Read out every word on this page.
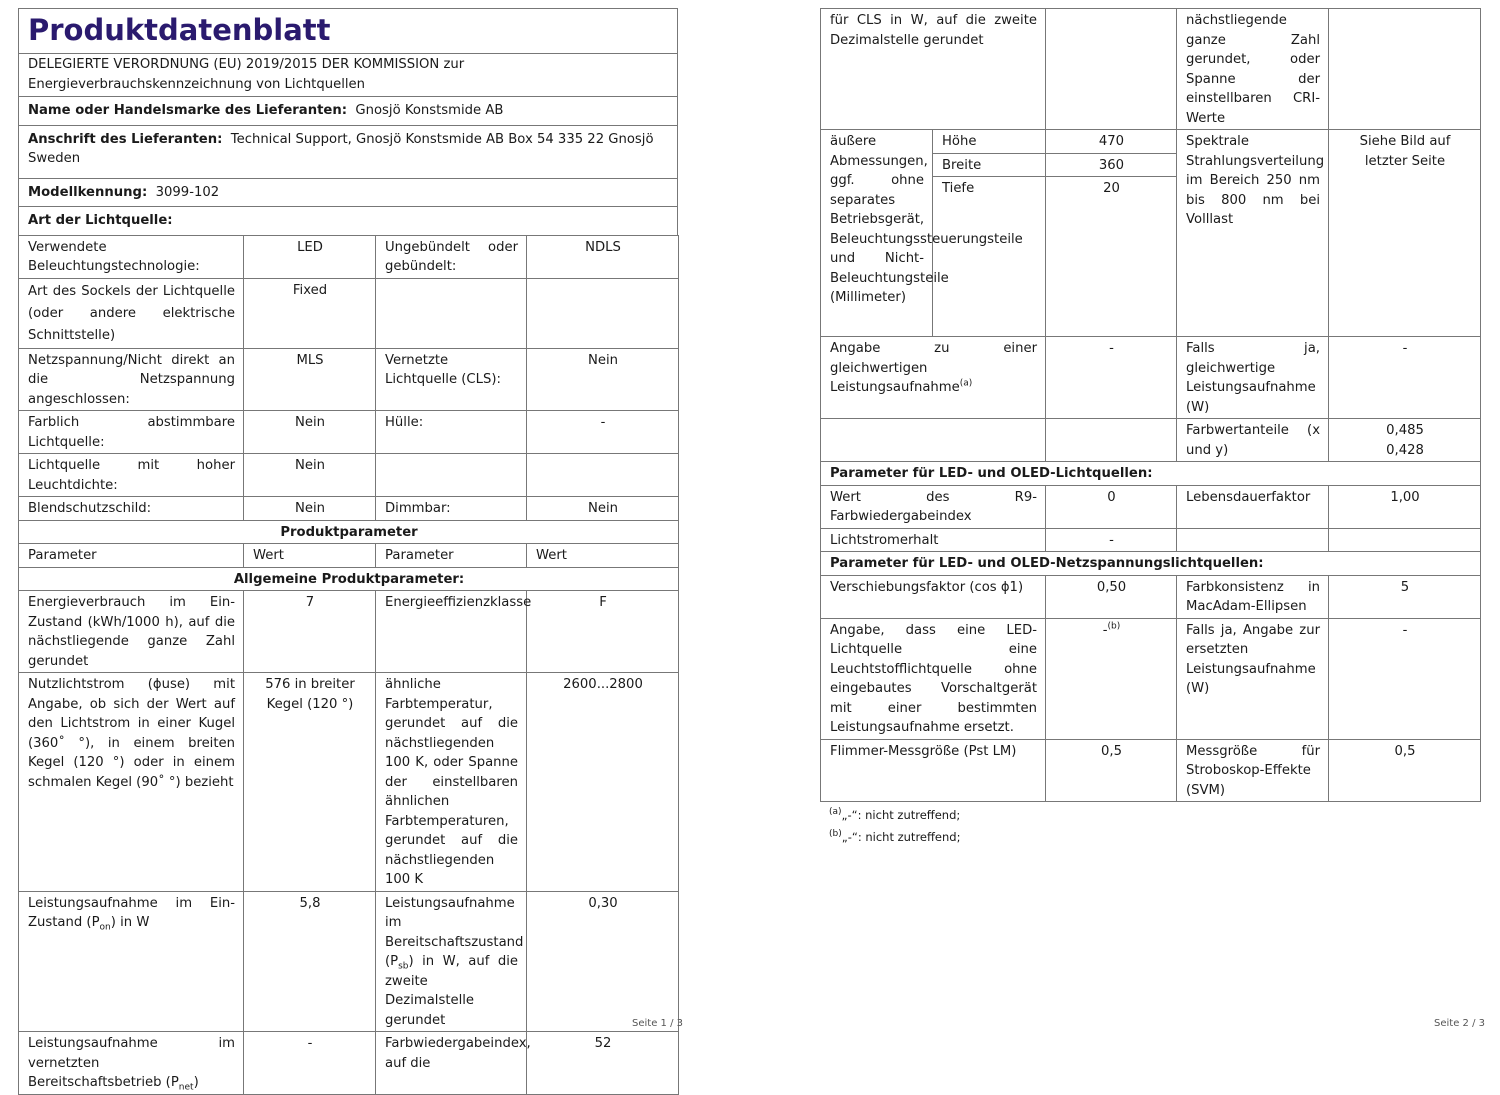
Produktdatenblatt

DELEGIERTE VERORDNUNG (EU) 2019/2015 DER KOMMISSION zur
Energieverbrauchskennzeichnung von Lichtquellen

Name oder Handelsmarke des Lieferanten: Gnosjö Konstsmide AB
Anschrift des Lieferanten: Technical Support, Gnosjö Konstsmide AB Box 54 335 22 Gnosjö Sweden
Modellkennung: 3099-102
Art der Lichtquelle:
Verwendete Beleuchtungstechnologie:	LED	Ungebündelt oder gebündelt:	NDLS
Art des Sockels der Lichtquelle (oder andere elektrische Schnittstelle)	Fixed		
Netzspannung/Nicht direkt an die Netzspannung angeschlossen:	MLS	Vernetzte Lichtquelle (CLS):	Nein
Farblich abstimmbare Lichtquelle:	Nein	Hülle:	-
Lichtquelle mit hoher Leuchtdichte:	Nein		
Blendschutzschild:	Nein	Dimmbar:	Nein
Produktparameter			
Parameter	Wert	Parameter	Wert
Allgemeine Produktparameter:			
Energieverbrauch im Ein-Zustand (kWh/1000 h), auf die nächstliegende ganze Zahl gerundet	7	Energieeffizienzklasse	F
Nutzlichtstrom (ϕuse) mit Angabe, ob sich der Wert auf den Lichtstrom in einer Kugel (360˚ °), in einem breiten Kegel (120 °) oder in einem schmalen Kegel (90˚ °) bezieht	576 in breiter Kegel (120 °)	ähnliche Farbtemperatur, gerundet auf die nächstliegenden 100 K, oder Spanne der einstellbaren ähnlichen Farbtemperaturen, gerundet auf die nächstliegenden 100 K	2600...2800
Leistungsaufnahme im Ein-Zustand $(P_{on})$ in W	5,8	Leistungsaufnahme im Bereitschaftszustand $(P_{sb})$ in W, auf die zweite Dezimalstelle gerundet	0,30
Leistungsaufnahme im vernetzten Bereitschaftsbetrieb $(P_{net})$	-	Farbwiedergabeindex, auf die	52
Seite 1 / 3
für CLS in W, auf die zweite Dezimalstelle gerundet			nächstliegende ganze Zahl gerundet, oder Spanne der einstellbaren CRI-Werte	
äußere Abmessungen, ggf. ohne separates Betriebsgerät, Beleuchtungssteuerungsteile und Nicht-Beleuchtungsteile (Millimeter)	Höhe	470	Spektrale Strahlungsverteilung im Bereich 250 nm bis 800 nm bei Volllast	Siehe Bild auf letzter Seite
	Breite	360		
	Tiefe	20		
Angabe zu einer gleichwertigen Leistungsaufnahme$^{(a)}$		-	Falls ja, gleichwertige Leistungsaufnahme (W)	-
			Farbwertanteile (x und y)	0,485
0,428

Parameter für LED- und OLED-Lichtquellen:				
Wert des R9-Farbwiedergabeindex		0	Lebensdauerfaktor	1,00
Lichtstromerhalt		-		
Parameter für LED- und OLED-Netzspannungslichtquellen:				
Verschiebungsfaktor (cos ϕ1)		0,50	Farbkonsistenz in MacAdam-Ellipsen	5
Angabe, dass eine LED-Lichtquelle eine Leuchtstofflichtquelle ohne eingebautes Vorschaltgerät mit einer bestimmten Leistungsaufnahme ersetzt.		-$^{(b)}$	Falls ja, Angabe zur ersetzten Leistungsaufnahme (W)	-
Flimmer-Messgröße (Pst LM)		0,5	Messgröße für Stroboskop-Effekte (SVM)	0,5
$^{(a)}$„-“: nicht zutreffend;
$^{(b)}$„-“: nicht zutreffend;
Seite 2 / 3
